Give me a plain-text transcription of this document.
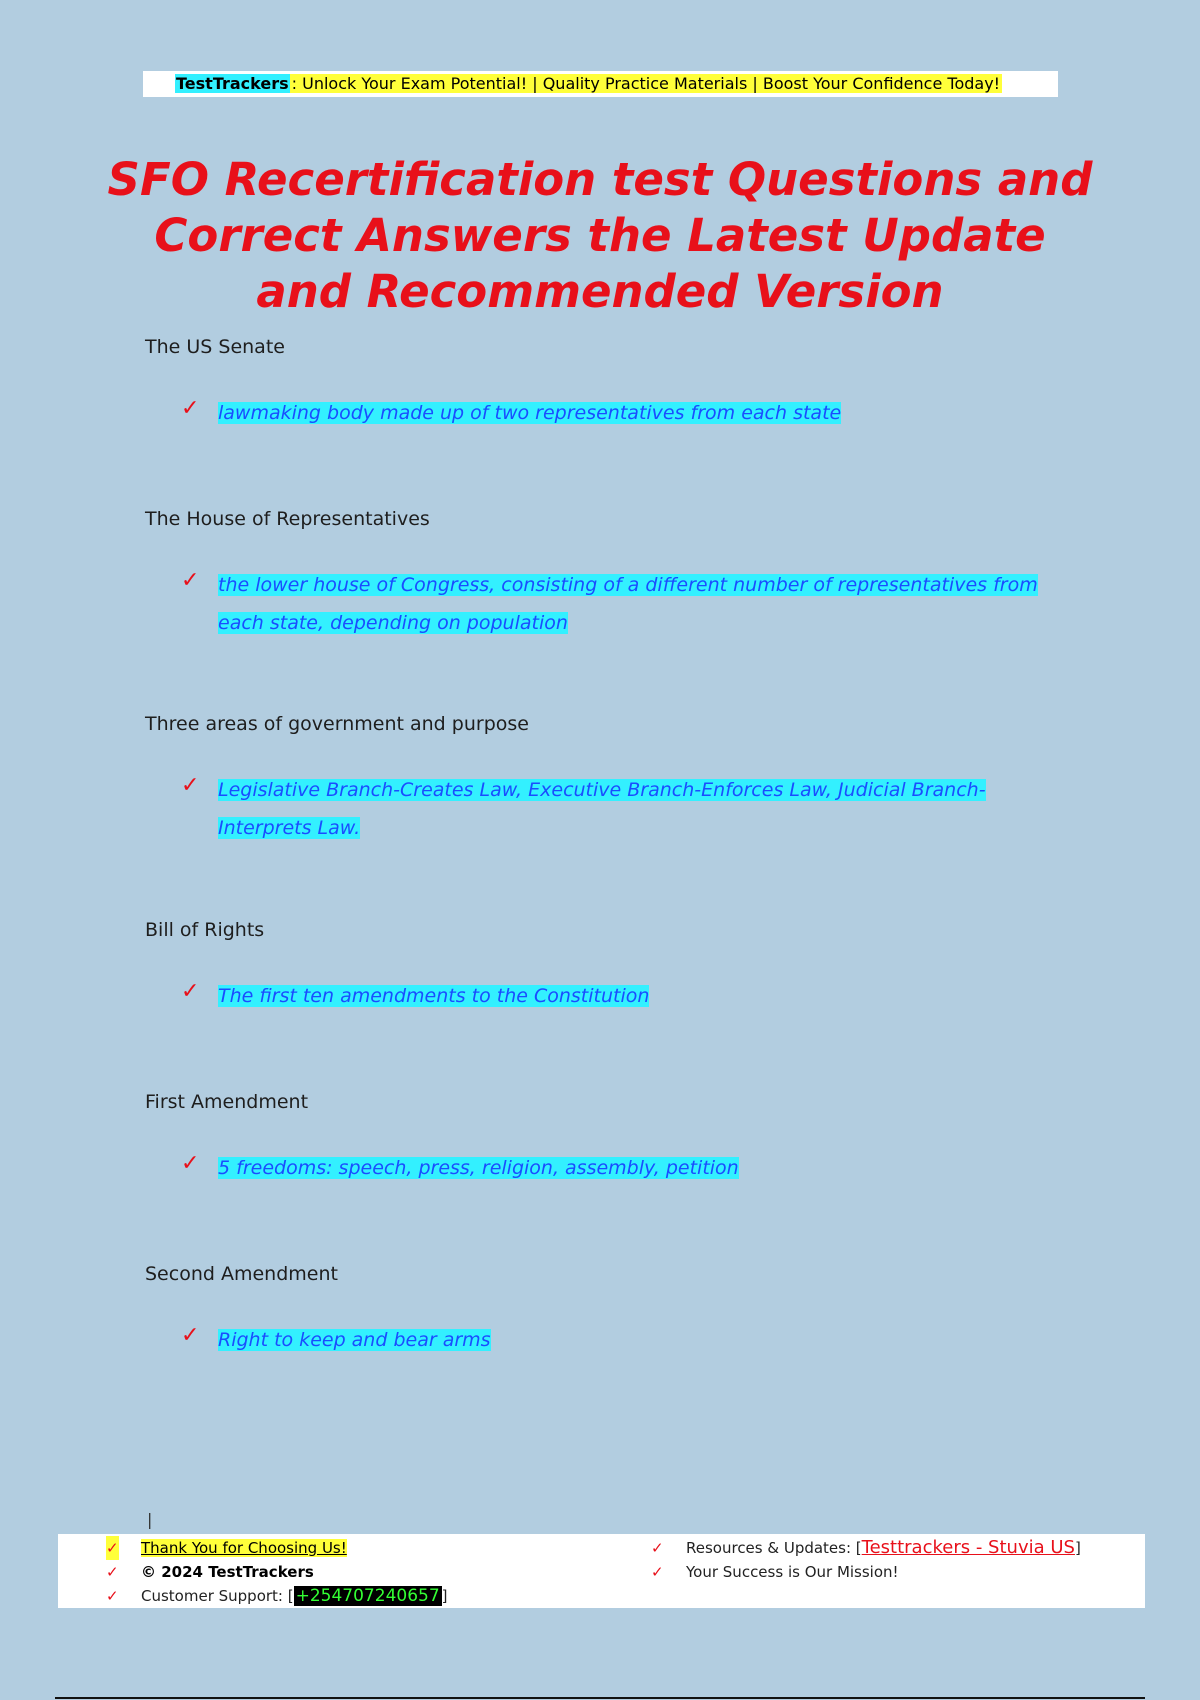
TestTrackers : Unlock Your Exam Potential! | Quality Practice Materials | Boost Your Confidence Today!
SFO Recertification test Questions and Correct Answers the Latest Update and Recommended Version
The US Senate
✓ lawmaking body made up of two representatives from each state
The House of Representatives
✓ the lower house of Congress, consisting of a different number of representatives from each state, depending on population
Three areas of government and purpose
✓ Legislative Branch-Creates Law, Executive Branch-Enforces Law, Judicial Branch-Interprets Law.
Bill of Rights
✓ The first ten amendments to the Constitution
First Amendment
✓ 5 freedoms: speech, press, religion, assembly, petition
Second Amendment
✓ Right to keep and bear arms
|
✓ Thank You for Choosing Us!
✓ © 2024 TestTrackers
✓ Customer Support: [ +254707240657 ]
✓ Resources & Updates: [Testtrackers - Stuvia US]
✓ Your Success is Our Mission!
